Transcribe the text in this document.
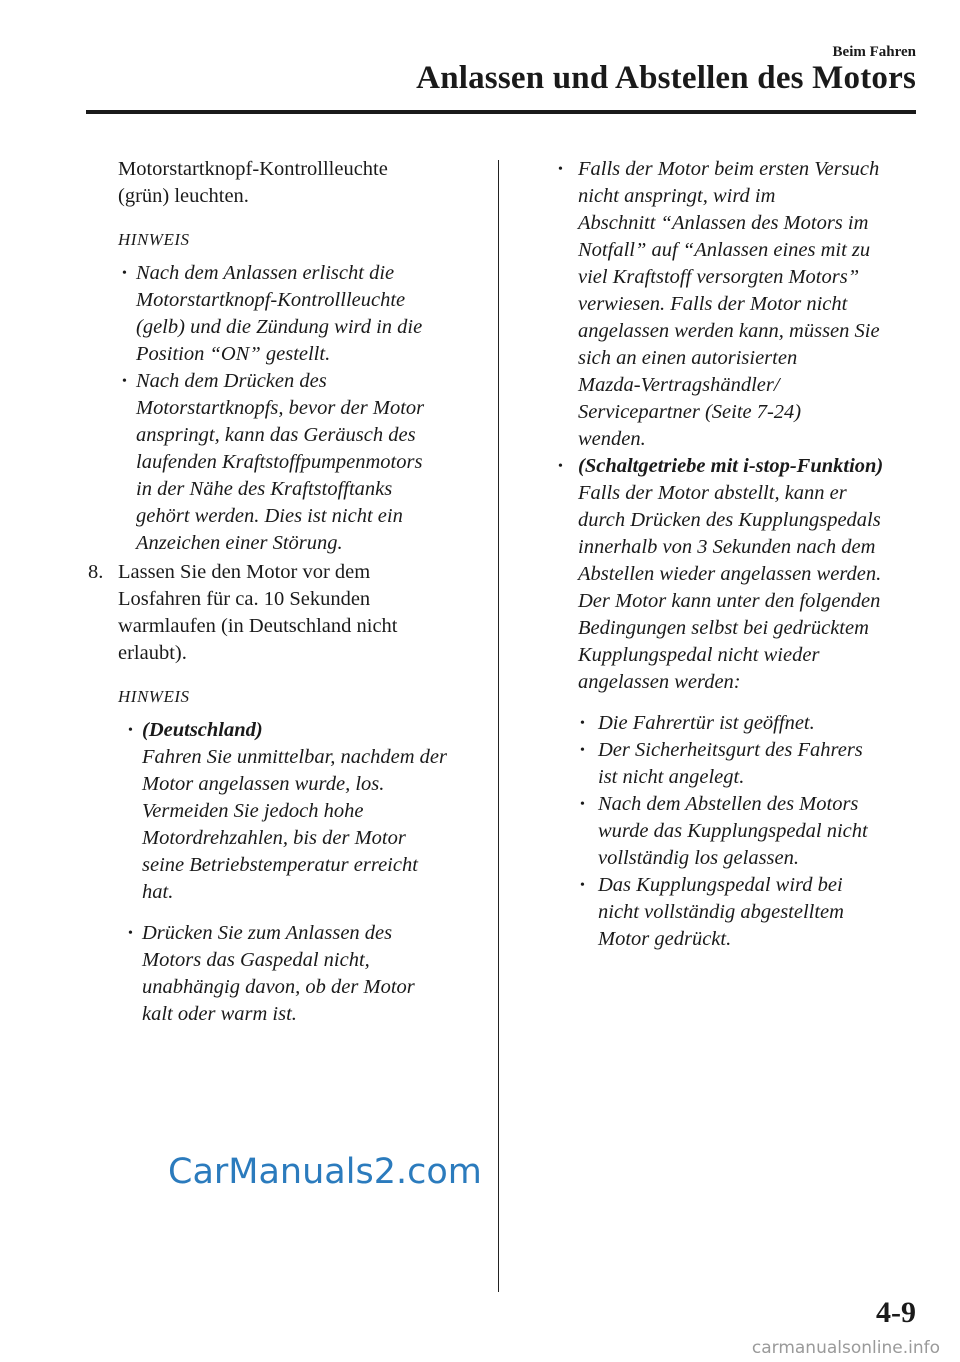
Beim Fahren
Anlassen und Abstellen des Motors

Motorstartknopf-Kontrollleuchte

(grün) leuchten.

HINWEIS
• Nach dem Anlassen erlischt die

Motorstartknopf-Kontrollleuchte

(gelb) und die Zündung wird in die

Position “ON” gestellt.

• Nach dem Drücken des

Motorstartknopfs, bevor der Motor

anspringt, kann das Geräusch des

laufenden Kraftstoffpumpenmotors

in der Nähe des Kraftstofftanks

gehört werden. Dies ist nicht ein

Anzeichen einer Störung.

8. Lassen Sie den Motor vor dem

Losfahren für ca. 10 Sekunden

warmlaufen (in Deutschland nicht

erlaubt).

HINWEIS
• (Deutschland)

Fahren Sie unmittelbar, nachdem der

Motor angelassen wurde, los.

Vermeiden Sie jedoch hohe

Motordrehzahlen, bis der Motor

seine Betriebstemperatur erreicht

hat.

• Drücken Sie zum Anlassen des

Motors das Gaspedal nicht,

unabhängig davon, ob der Motor

kalt oder warm ist.

• Falls der Motor beim ersten Versuch

nicht anspringt, wird im

Abschnitt “Anlassen des Motors im

Notfall” auf “Anlassen eines mit zu

viel Kraftstoff versorgten Motors”

verwiesen. Falls der Motor nicht

angelassen werden kann, müssen Sie

sich an einen autorisierten

Mazda-Vertragshändler/

Servicepartner (Seite 7-24)

wenden.

• (Schaltgetriebe mit i-stop-Funktion)

Falls der Motor abstellt, kann er

durch Drücken des Kupplungspedals

innerhalb von 3 Sekunden nach dem

Abstellen wieder angelassen werden.

Der Motor kann unter den folgenden

Bedingungen selbst bei gedrücktem

Kupplungspedal nicht wieder

angelassen werden:

• Die Fahrertür ist geöffnet.

• Der Sicherheitsgurt des Fahrers

ist nicht angelegt.

• Nach dem Abstellen des Motors

wurde das Kupplungspedal nicht

vollständig los gelassen.

• Das Kupplungspedal wird bei

nicht vollständig abgestelltem

Motor gedrückt.

CarManuals2.com
4-9
carmanualsonline.info
